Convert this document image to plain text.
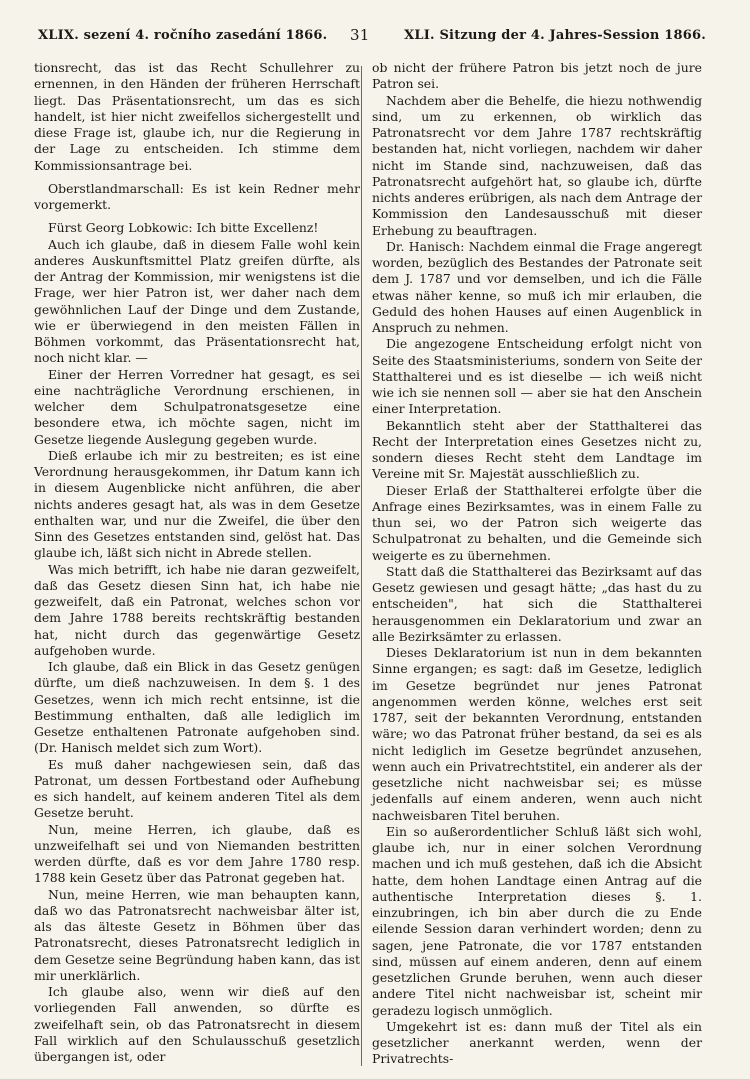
XLIX. sezení 4. ročního zasedání 1866. 31	XLI. Sitzung der 4. Jahres-Session 1866.

tionsrecht, das ist das Recht Schullehrer zu ernennen, in den Händen der früheren Herrschaft liegt. Das Präsentationsrecht, um das es sich handelt, ist hier nicht zweifellos sichergestellt und diese Frage ist, glaube ich, nur die Regierung in der Lage zu entscheiden. Ich stimme dem Kommissionsantrage bei.

Oberstlandmarschall: Es ist kein Redner mehr vorgemerkt.

Fürst Georg Lobkowic: Ich bitte Excellenz!

Auch ich glaube, daß in diesem Falle wohl kein anderes Auskunftsmittel Platz greifen dürfte, als der Antrag der Kommission, mir wenigstens ist die Frage, wer hier Patron ist, wer daher nach dem gewöhnlichen Lauf der Dinge und dem Zustande, wie er überwiegend in den meisten Fällen in Böhmen vorkommt, das Präsentationsrecht hat, noch nicht klar. —

Einer der Herren Vorredner hat gesagt, es sei eine nachträgliche Verordnung erschienen, in welcher dem Schulpatronatsgesetze eine besondere etwa, ich möchte sagen, nicht im Gesetze liegende Auslegung gegeben wurde.

Dieß erlaube ich mir zu bestreiten; es ist eine Verordnung herausgekommen, ihr Datum kann ich in diesem Augenblicke nicht anführen, die aber nichts anderes gesagt hat, als was in dem Gesetze enthalten war, und nur die Zweifel, die über den Sinn des Gesetzes entstanden sind, gelöst hat. Das glaube ich, läßt sich nicht in Abrede stellen.

Was mich betrifft, ich habe nie daran gezweifelt, daß das Gesetz diesen Sinn hat, ich habe nie gezweifelt, daß ein Patronat, welches schon vor dem Jahre 1788 bereits rechtskräftig bestanden hat, nicht durch das gegenwärtige Gesetz aufgehoben wurde.

Ich glaube, daß ein Blick in das Gesetz genügen dürfte, um dieß nachzuweisen. In dem §. 1 des Gesetzes, wenn ich mich recht entsinne, ist die Bestimmung enthalten, daß alle lediglich im Gesetze enthaltenen Patronate aufgehoben sind. (Dr. Hanisch meldet sich zum Wort).

Es muß daher nachgewiesen sein, daß das Patronat, um dessen Fortbestand oder Aufhebung es sich handelt, auf keinem anderen Titel als dem Gesetze beruht.

Nun, meine Herren, ich glaube, daß es unzweifelhaft sei und von Niemanden bestritten werden dürfte, daß es vor dem Jahre 1780 resp. 1788 kein Gesetz über das Patronat gegeben hat.

Nun, meine Herren, wie man behaupten kann, daß wo das Patronatsrecht nachweisbar älter ist, als das älteste Gesetz in Böhmen über das Patronatsrecht, dieses Patronatsrecht lediglich in dem Gesetze seine Begründung haben kann, das ist mir unerklärlich.

Ich glaube also, wenn wir dieß auf den vorliegenden Fall anwenden, so dürfte es zweifelhaft sein, ob das Patronatsrecht in diesem Fall wirklich auf den Schulausschuß gesetzlich übergangen ist, oder

ob nicht der frühere Patron bis jetzt noch de jure Patron sei.

Nachdem aber die Behelfe, die hiezu nothwendig sind, um zu erkennen, ob wirklich das Patronatsrecht vor dem Jahre 1787 rechtskräftig bestanden hat, nicht vorliegen, nachdem wir daher nicht im Stande sind, nachzuweisen, daß das Patronatsrecht aufgehört hat, so glaube ich, dürfte nichts anderes erübrigen, als nach dem Antrage der Kommission den Landesausschuß mit dieser Erhebung zu beauftragen.

Dr. Hanisch: Nachdem einmal die Frage angeregt worden, bezüglich des Bestandes der Patronate seit dem J. 1787 und vor demselben, und ich die Fälle etwas näher kenne, so muß ich mir erlauben, die Geduld des hohen Hauses auf einen Augenblick in Anspruch zu nehmen.

Die angezogene Entscheidung erfolgt nicht von Seite des Staatsministeriums, sondern von Seite der Statthalterei und es ist dieselbe — ich weiß nicht wie ich sie nennen soll — aber sie hat den Anschein einer Interpretation.

Bekanntlich steht aber der Statthalterei das Recht der Interpretation eines Gesetzes nicht zu, sondern dieses Recht steht dem Landtage im Vereine mit Sr. Majestät ausschließlich zu.

Dieser Erlaß der Statthalterei erfolgte über die Anfrage eines Bezirksamtes, was in einem Falle zu thun sei, wo der Patron sich weigerte das Schulpatronat zu behalten, und die Gemeinde sich weigerte es zu übernehmen.

Statt daß die Statthalterei das Bezirksamt auf das Gesetz gewiesen und gesagt hätte; „das hast du zu entscheiden", hat sich die Statthalterei herausgenommen ein Deklaratorium und zwar an alle Bezirksämter zu erlassen.

Dieses Deklaratorium ist nun in dem bekannten Sinne ergangen; es sagt: daß im Gesetze, lediglich im Gesetze begründet nur jenes Patronat angenommen werden könne, welches erst seit 1787, seit der bekannten Verordnung, entstanden wäre; wo das Patronat früher bestand, da sei es als nicht lediglich im Gesetze begründet anzusehen, wenn auch ein Privatrechtstitel, ein anderer als der gesetzliche nicht nachweisbar sei; es müsse jedenfalls auf einem anderen, wenn auch nicht nachweisbaren Titel beruhen.

Ein so außerordentlicher Schluß läßt sich wohl, glaube ich, nur in einer solchen Verordnung machen und ich muß gestehen, daß ich die Absicht hatte, dem hohen Landtage einen Antrag auf die authentische Interpretation dieses §. 1. einzubringen, ich bin aber durch die zu Ende eilende Session daran verhindert worden; denn zu sagen, jene Patronate, die vor 1787 entstanden sind, müssen auf einem anderen, denn auf einem gesetzlichen Grunde beruhen, wenn auch dieser andere Titel nicht nachweisbar ist, scheint mir geradezu logisch unmöglich.

Umgekehrt ist es: dann muß der Titel als ein gesetzlicher anerkannt werden, wenn der Privatrechts-
